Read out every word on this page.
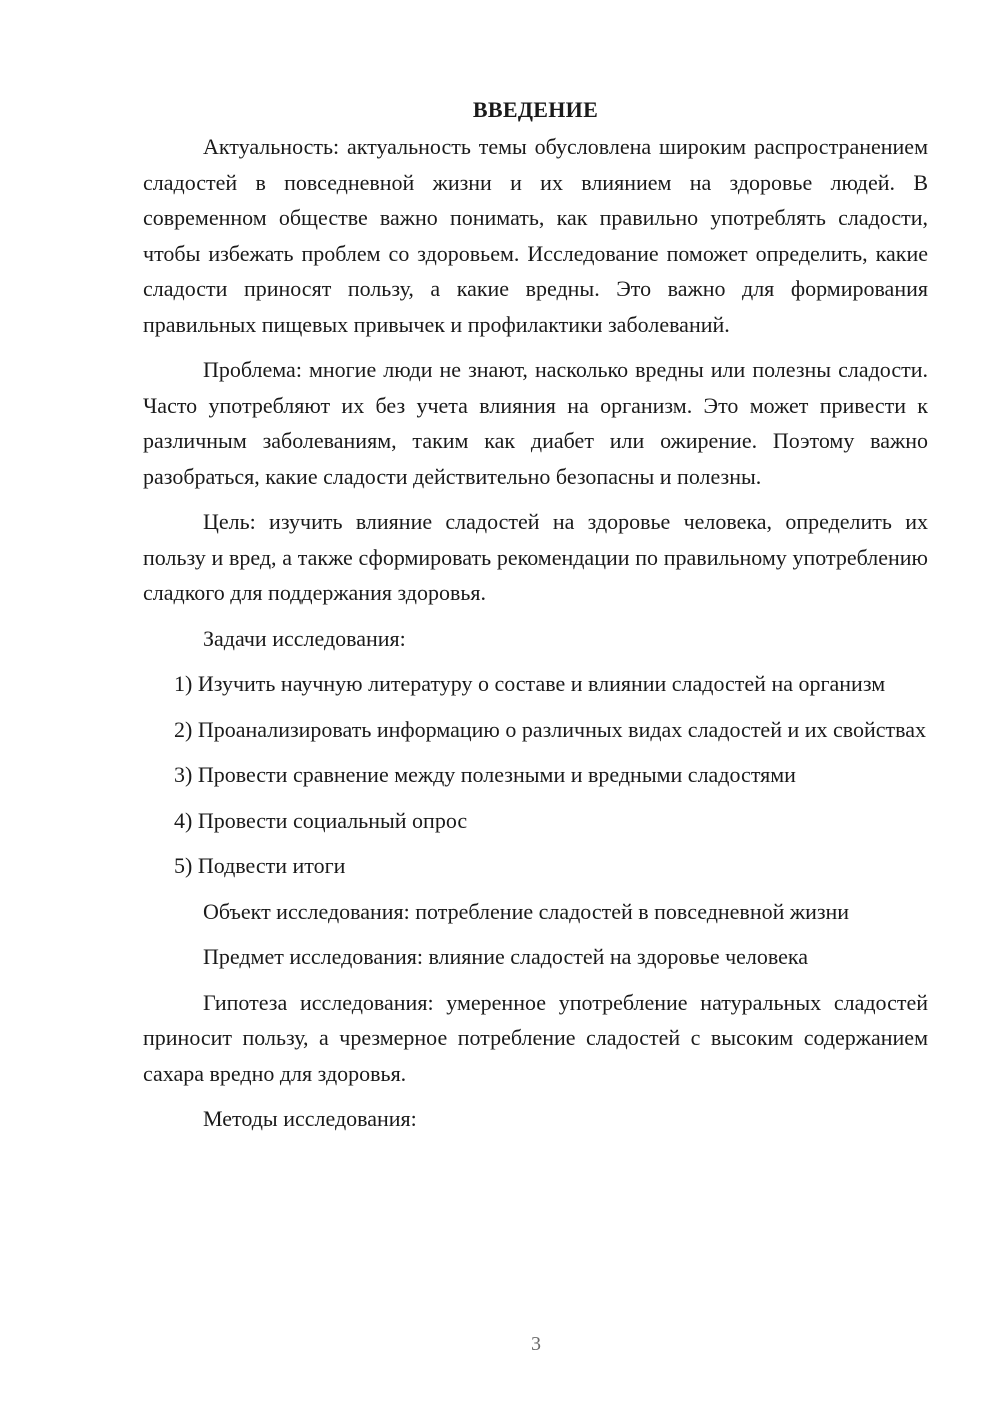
ВВЕДЕНИЕ

Актуальность: актуальность темы обусловлена широким распространением сладостей в повседневной жизни и их влиянием на здоровье людей. В современном обществе важно понимать, как правильно употреблять сладости, чтобы избежать проблем со здоровьем. Исследование поможет определить, какие сладости приносят пользу, а какие вредны. Это важно для формирования правильных пищевых привычек и профилактики заболеваний.

Проблема: многие люди не знают, насколько вредны или полезны сладости. Часто употребляют их без учета влияния на организм. Это может привести к различным заболеваниям, таким как диабет или ожирение. Поэтому важно разобраться, какие сладости действительно безопасны и полезны.

Цель: изучить влияние сладостей на здоровье человека, определить их пользу и вред, а также сформировать рекомендации по правильному употреблению сладкого для поддержания здоровья.

Задачи исследования:

1) Изучить научную литературу о составе и влиянии сладостей на организм

2) Проанализировать информацию о различных видах сладостей и их свойствах

3) Провести сравнение между полезными и вредными сладостями

4) Провести социальный опрос

5) Подвести итоги

Объект исследования: потребление сладостей в повседневной жизни

Предмет исследования: влияние сладостей на здоровье человека

Гипотеза исследования: умеренное употребление натуральных сладостей приносит пользу, а чрезмерное потребление сладостей с высоким содержанием сахара вредно для здоровья.

Методы исследования:

3
